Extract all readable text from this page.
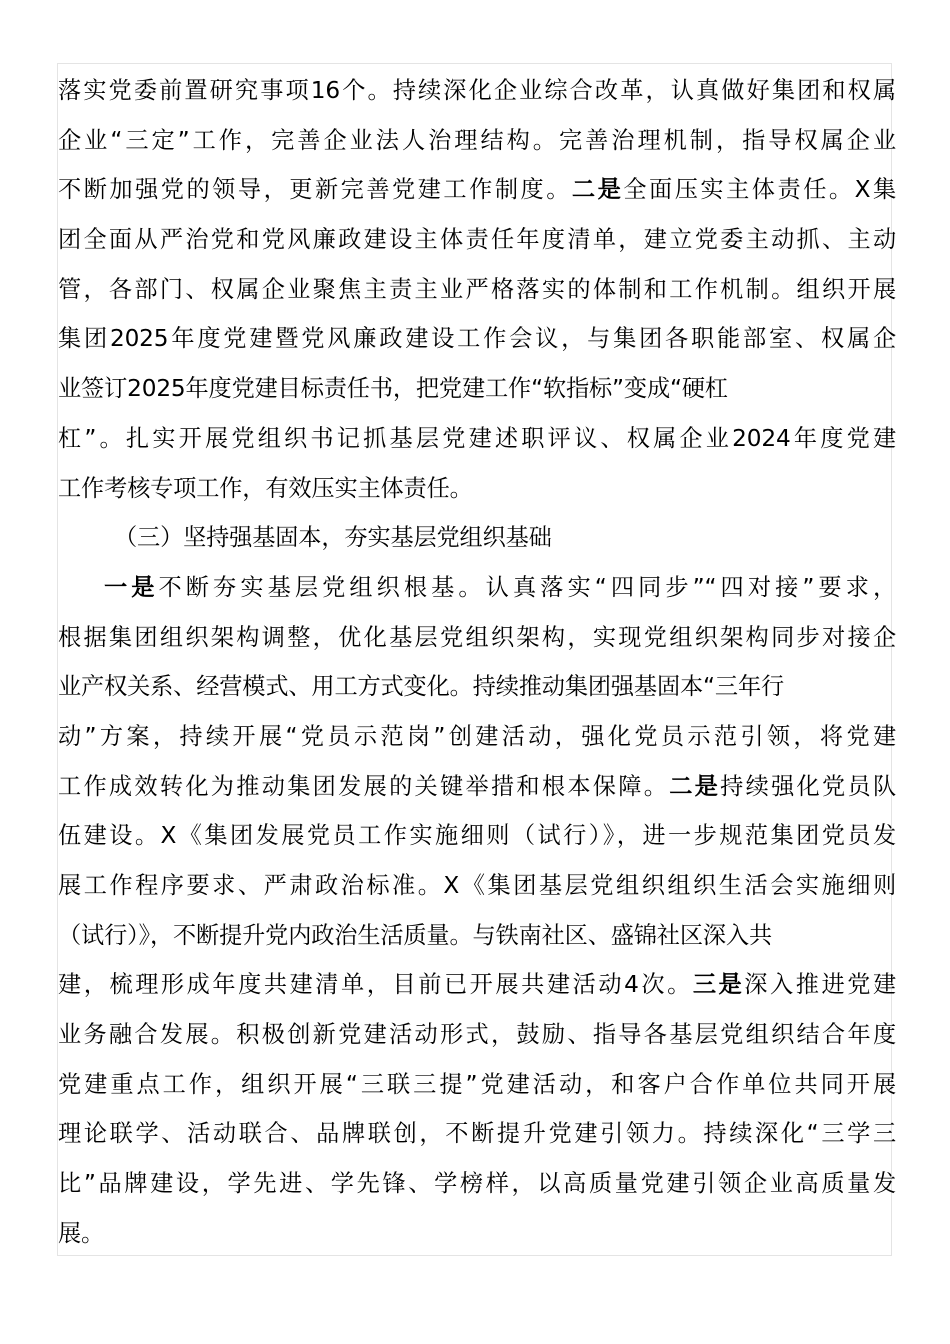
落实党委前置研究事项16个。持续深化企业综合改革，认真做好集团和权属
企业“三定”工作，完善企业法人治理结构。完善治理机制，指导权属企业
不断加强党的领导，更新完善党建工作制度。二是全面压实主体责任。X集
团全面从严治党和党风廉政建设主体责任年度清单，建立党委主动抓、主动
管，各部门、权属企业聚焦主责主业严格落实的体制和工作机制。组织开展
集团2025年度党建暨党风廉政建设工作会议，与集团各职能部室、权属企
业签订2025年度党建目标责任书，把党建工作“软指标”变成“硬杠
杠”。扎实开展党组织书记抓基层党建述职评议、权属企业2024年度党建
工作考核专项工作，有效压实主体责任。
（三）坚持强基固本，夯实基层党组织基础
一是不断夯实基层党组织根基。认真落实“四同步”“四对接”要求，
根据集团组织架构调整，优化基层党组织架构，实现党组织架构同步对接企
业产权关系、经营模式、用工方式变化。持续推动集团强基固本“三年行
动”方案，持续开展“党员示范岗”创建活动，强化党员示范引领，将党建
工作成效转化为推动集团发展的关键举措和根本保障。二是持续强化党员队
伍建设。X《集团发展党员工作实施细则（试行）》，进一步规范集团党员发
展工作程序要求、严肃政治标准。X《集团基层党组织组织生活会实施细则
（试行）》，不断提升党内政治生活质量。与铁南社区、盛锦社区深入共
建，梳理形成年度共建清单，目前已开展共建活动4次。三是深入推进党建
业务融合发展。积极创新党建活动形式，鼓励、指导各基层党组织结合年度
党建重点工作，组织开展“三联三提”党建活动，和客户合作单位共同开展
理论联学、活动联合、品牌联创，不断提升党建引领力。持续深化“三学三
比”品牌建设，学先进、学先锋、学榜样，以高质量党建引领企业高质量发
展。
